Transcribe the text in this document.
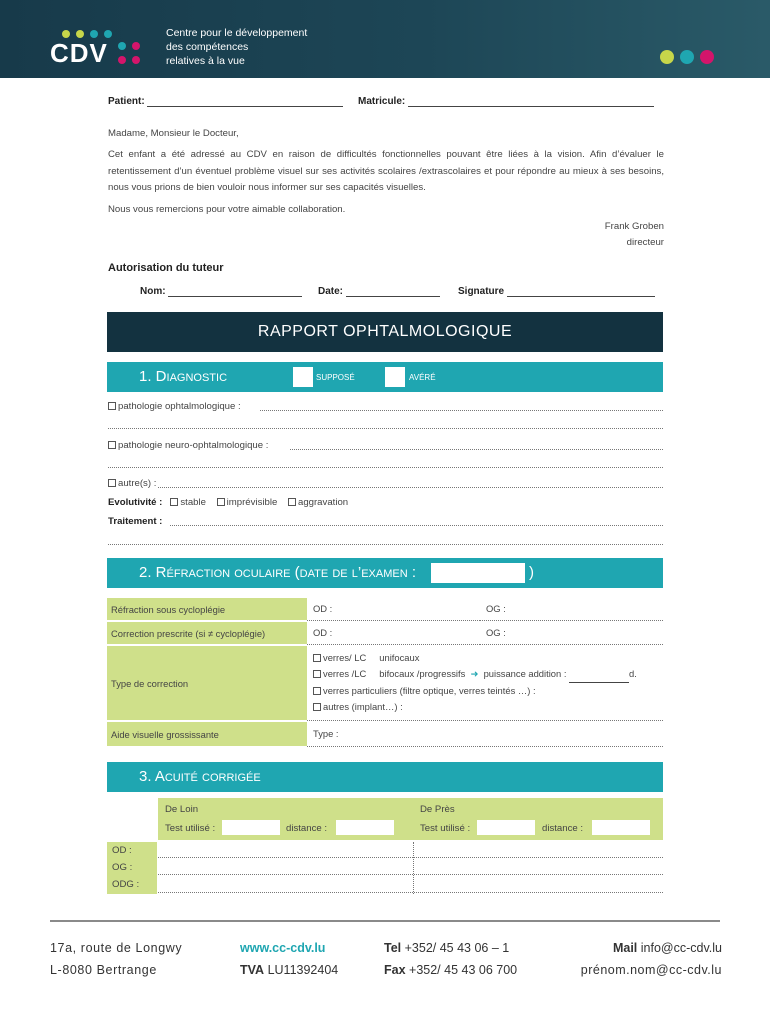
CDV
Centre pour le développement
des compétences
relatives à la vue
Patient:	Matricule:
Madame, Monsieur le Docteur,
Cet enfant a été adressé au CDV en raison de difficultés fonctionnelles pouvant être liées à la vision. Afin d’évaluer le retentissement d’un éventuel problème visuel sur ses activités scolaires /extrascolaires et pour répondre au mieux à ses besoins, nous vous prions de bien vouloir nous informer sur ses capacités visuelles.
Nous vous remercions pour votre aimable collaboration.
Frank Groben
directeur
Autorisation du tuteur
Nom:	Date:	Signature
RAPPORT OPHTALMOLOGIQUE
1. Diagnostic	supposé	avéré
pathologie ophtalmologique :
pathologie neuro-ophtalmologique :
autre(s) :
Evolutivité : stable imprévisible aggravation
Traitement :
2. Réfraction oculaire (date de l’examen :	)
Réfraction sous cycloplégie	OD :	OG :

Correction prescrite (si ≠ cycloplégie)	OD :	OG :

Type de correction	verres/ LC unifocaux
verres /LC bifocaux /progressifs ➜ puissance addition : d.
verres particuliers (filtre optique, verres teintés …) :
autres (implant…) :	

Aide visuelle grossissante	Type :	
3. Acuité corrigée
De Loin	De Près
Test utilisé :	distance :	Test utilisé :	distance :
OD :
OG :
ODG :
17a, route de Longwy
L-8080 Bertrange
www.cc-cdv.lu
TVA LU11392404
Tel +352/ 45 43 06 – 1
Fax +352/ 45 43 06 700
Mail info@cc-cdv.lu
prénom.nom@cc-cdv.lu
